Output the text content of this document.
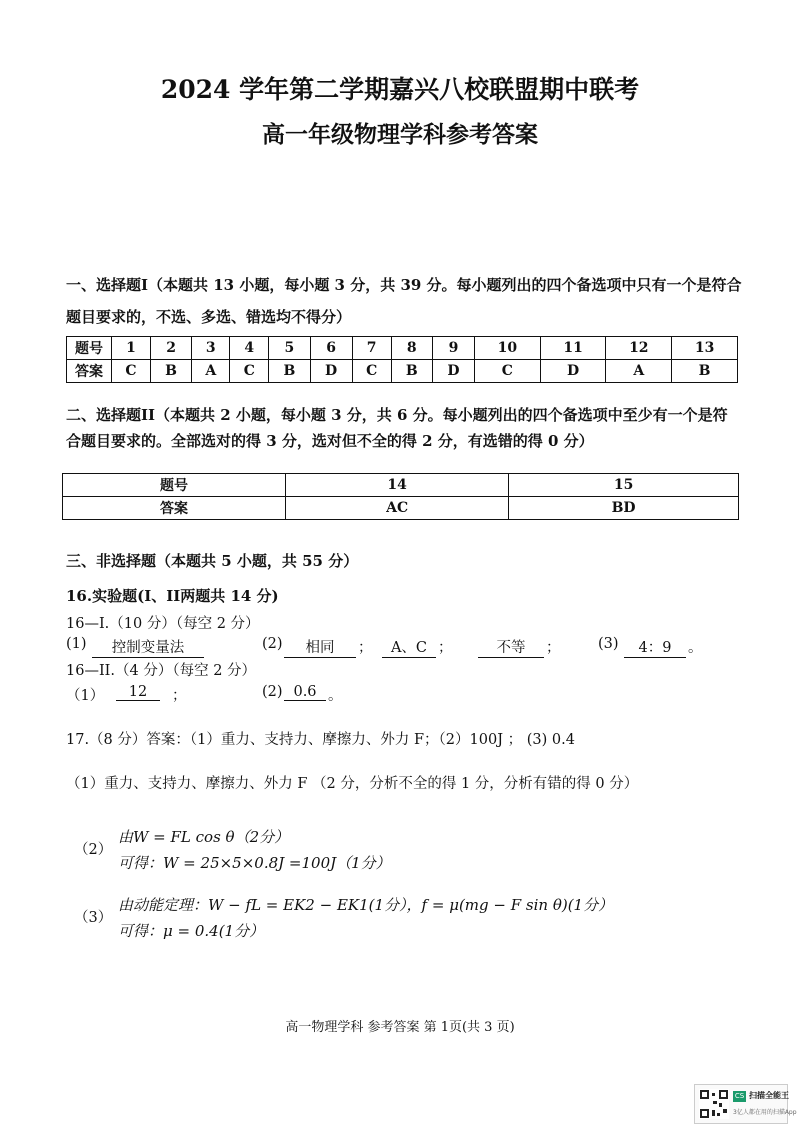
2024 学年第二学期嘉兴八校联盟期中联考
高一年级物理学科参考答案
一、选择题I（本题共 13 小题，每小题 3 分，共 39 分。每小题列出的四个备选项中只有一个是符合
题目要求的，不选、多选、错选均不得分）
题号	1	2	3	4	5	6	7	8	9	10	11	12	13
答案	C	B	A	C	B	D	C	B	D	C	D	A	B
二、选择题II（本题共 2 小题，每小题 3 分，共 6 分。每小题列出的四个备选项中至少有一个是符
合题目要求的。全部选对的得 3 分，选对但不全的得 2 分，有选错的得 0 分）
题号	14	15
答案	AC	BD
三、非选择题（本题共 5 小题，共 55 分）
16.实验题(I、II两题共 14 分)
16—I.（10 分）（每空 2 分）
(1)	控制变量法	(2)	相同	；	A、C ；	不等	；	(3)	4：9	。
16—II.（4 分）（每空 2 分）
（1）	12	；	(2) 0.6 。
17.（8 分）答案：（1）重力、支持力、摩擦力、外力 F；（2）100J ； (3) 0.4
（1）重力、支持力、摩擦力、外力 F （2 分，分析不全的得 1 分，分析有错的得 0 分）
（2）
由W = FL cos θ（2分）
可得：W = 25×5×0.8J =100J（1分）
（3）
由动能定理：W − fL = EK2 − EK1(1分），f = μ(mg − F sin θ)(1分）
可得：μ = 0.4(1分）
高一物理学科 参考答案 第 1页(共 3 页)
CS 扫描全能王
3亿人都在用的扫描App
